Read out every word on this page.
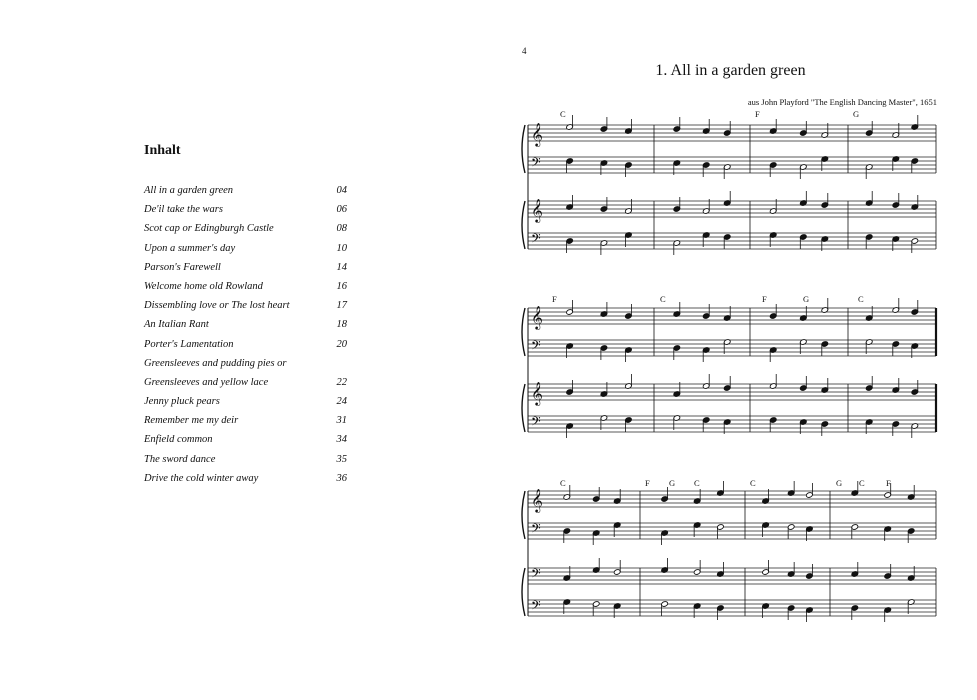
Inhalt
All in a garden green	04
De'il take the wars	06
Scot cap or Edingburgh Castle	08
Upon a summer's day	10
Parson's Farewell	14
Welcome home old Rowland	16
Dissembling love or The lost heart	17
An Italian Rant	18
Porter's Lamentation	20
Greensleeves and pudding pies or
Greensleeves and yellow lace	22
Jenny pluck pears	24
Remember me my deir	31
Enfield common	34
The sword dance	35
Drive the cold winter away	36

4

1. All in a garden green

aus John Playford "The English Dancing Master", 1651

𝄞
𝄢
𝄞
𝄢
𝄞
𝄢
𝄞
𝄢
𝄞
𝄢
𝄢
𝄢
C	F	G
F	C	F	G	C
C	F G C	C	G C	F
